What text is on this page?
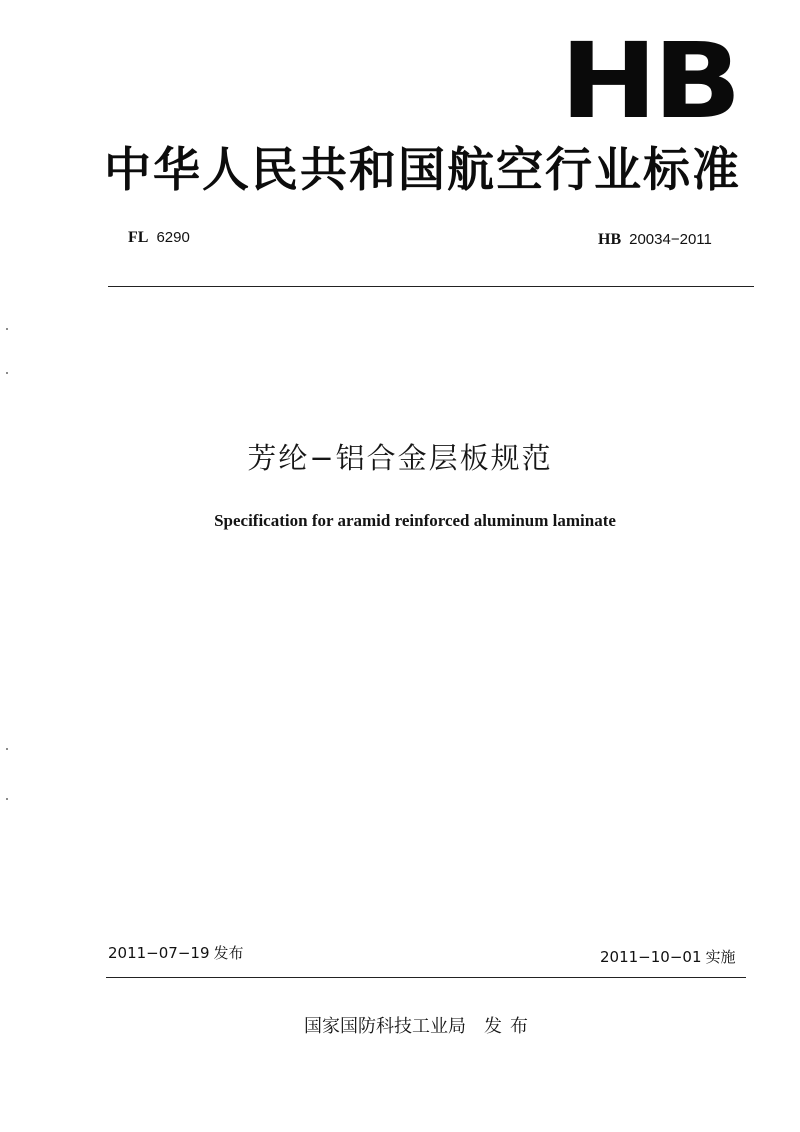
HB
中华人民共和国航空行业标准
FL 6290	HB 20034−2011
芳纶−铝合金层板规范
Specification for aramid reinforced aluminum laminate
2011−07−19 发布	2011−10−01 实施
国家国防科技工业局 发布
